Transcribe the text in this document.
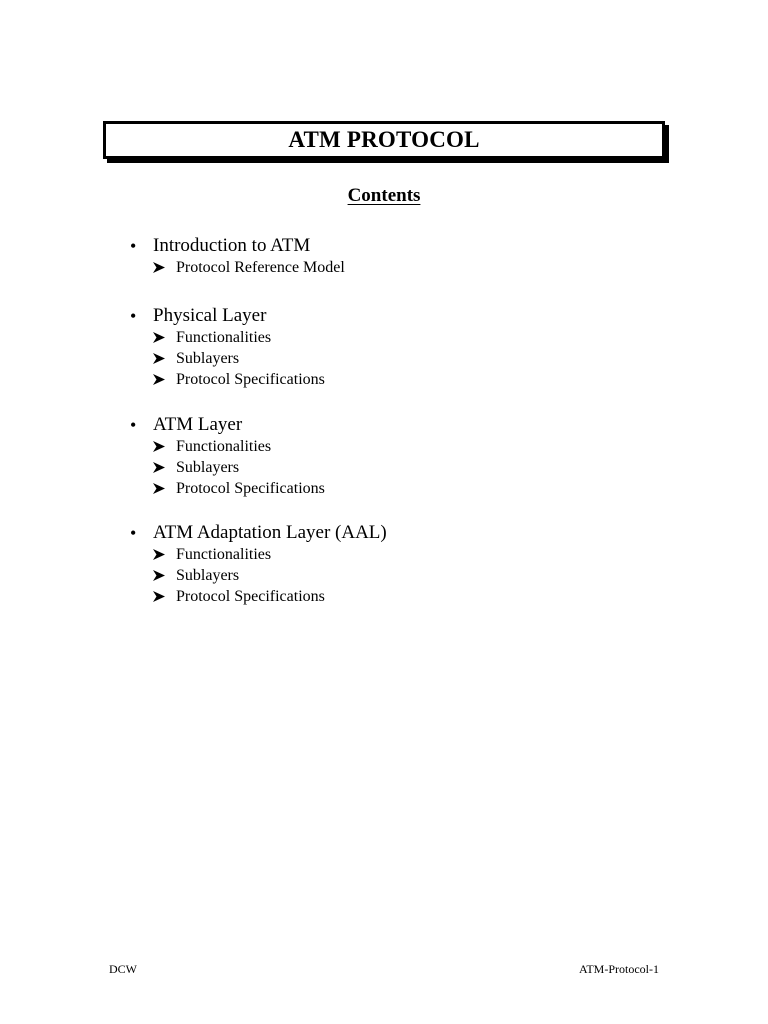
ATM PROTOCOL
Contents
• Introduction to ATM
Protocol Reference Model
• Physical Layer
Functionalities
Sublayers
Protocol Specifications
• ATM Layer
Functionalities
Sublayers
Protocol Specifications
• ATM Adaptation Layer (AAL)
Functionalities
Sublayers
Protocol Specifications
DCW	ATM-Protocol-1
